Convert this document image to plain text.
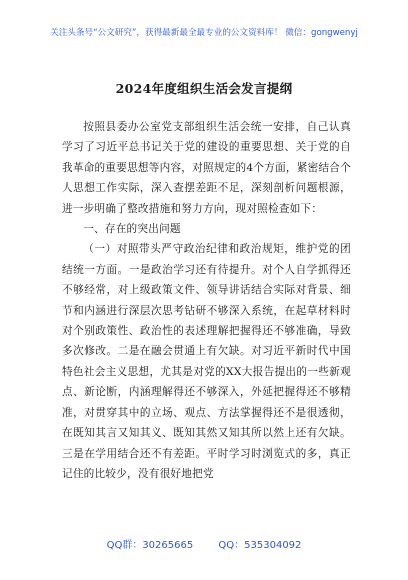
关注头条号“公文研究”，获得最新最全最专业的公文资料库！ 微信：gongwenyj
2024年度组织生活会发言提纲

按照县委办公室党支部组织生活会统一安排，自己认真学习了习近平总书记关于党的建设的重要思想、关于党的自我革命的重要思想等内容，对照规定的4个方面，紧密结合个人思想工作实际，深入查摆差距不足，深刻剖析问题根源，进一步明确了整改措施和努力方向，现对照检查如下：

一、存在的突出问题

（一）对照带头严守政治纪律和政治规矩，维护党的团结统一方面。一是政治学习还有待提升。对个人自学抓得还不够经常，对上级政策文件、领导讲话结合实际对背景、细节和内涵进行深层次思考钻研不够深入系统，在起草材料时对个别政策性、政治性的表述理解把握得还不够准确，导致多次修改。二是在融会贯通上有欠缺。对习近平新时代中国特色社会主义思想，尤其是对党的XX大报告提出的一些新观点、新论断，内涵理解得还不够深入，外延把握得还不够精准，对贯穿其中的立场、观点、方法掌握得还不是很透彻，在既知其言又知其义、既知其然又知其所以然上还有欠缺。三是在学用结合还不有差距。平时学习时浏览式的多，真正记住的比较少，没有很好地把党

QQ群：30265665	QQ：535304092
